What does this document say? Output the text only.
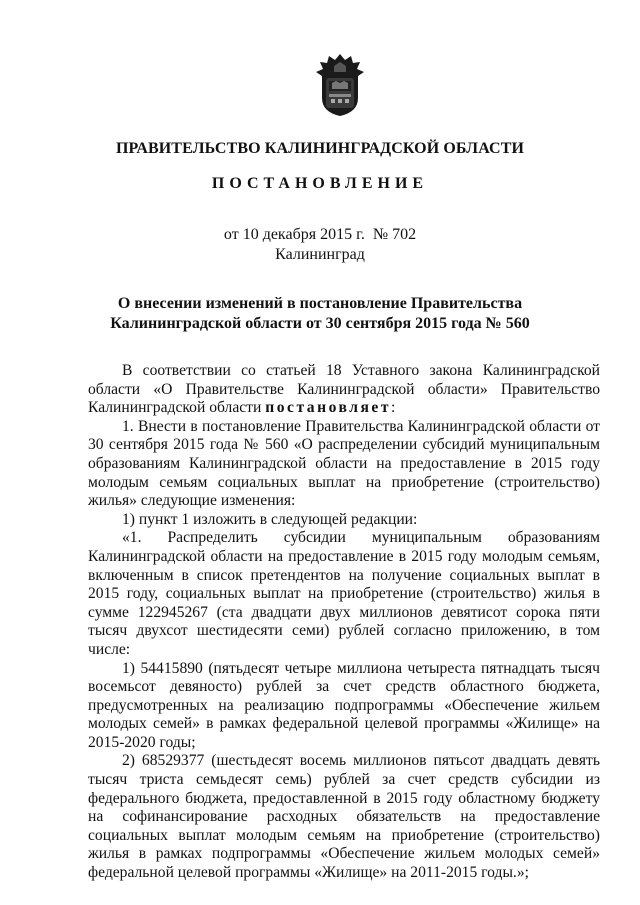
ПРАВИТЕЛЬСТВО КАЛИНИНГРАДСКОЙ ОБЛАСТИ
ПОСТАНОВЛЕНИЕ
от 10 декабря 2015 г. № 702
Калининград
О внесении изменений в постановление Правительства
Калининградской области от 30 сентября 2015 года № 560

В соответствии со статьей 18 Уставного закона Калининградской области «О Правительстве Калининградской области» Правительство Калининградской области постановляет:

1. Внести в постановление Правительства Калининградской области от 30 сентября 2015 года № 560 «О распределении субсидий муниципальным образованиям Калининградской области на предоставление в 2015 году молодым семьям социальных выплат на приобретение (строительство) жилья» следующие изменения:

1) пункт 1 изложить в следующей редакции:

«1. Распределить субсидии муниципальным образованиям Калининградской области на предоставление в 2015 году молодым семьям, включенным в список претендентов на получение социальных выплат в 2015 году, социальных выплат на приобретение (строительство) жилья в сумме 122945267 (ста двадцати двух миллионов девятисот сорока пяти тысяч двухсот шестидесяти семи) рублей согласно приложению, в том числе:

1) 54415890 (пятьдесят четыре миллиона четыреста пятнадцать тысяч восемьсот девяносто) рублей за счет средств областного бюджета, предусмотренных на реализацию подпрограммы «Обеспечение жильем молодых семей» в рамках федеральной целевой программы «Жилище» на 2015-2020 годы;

2) 68529377 (шестьдесят восемь миллионов пятьсот двадцать девять тысяч триста семьдесят семь) рублей за счет средств субсидии из федерального бюджета, предоставленной в 2015 году областному бюджету на софинансирование расходных обязательств на предоставление социальных выплат молодым семьям на приобретение (строительство) жилья в рамках подпрограммы «Обеспечение жильем молодых семей» федеральной целевой программы «Жилище» на 2011-2015 годы.»;
